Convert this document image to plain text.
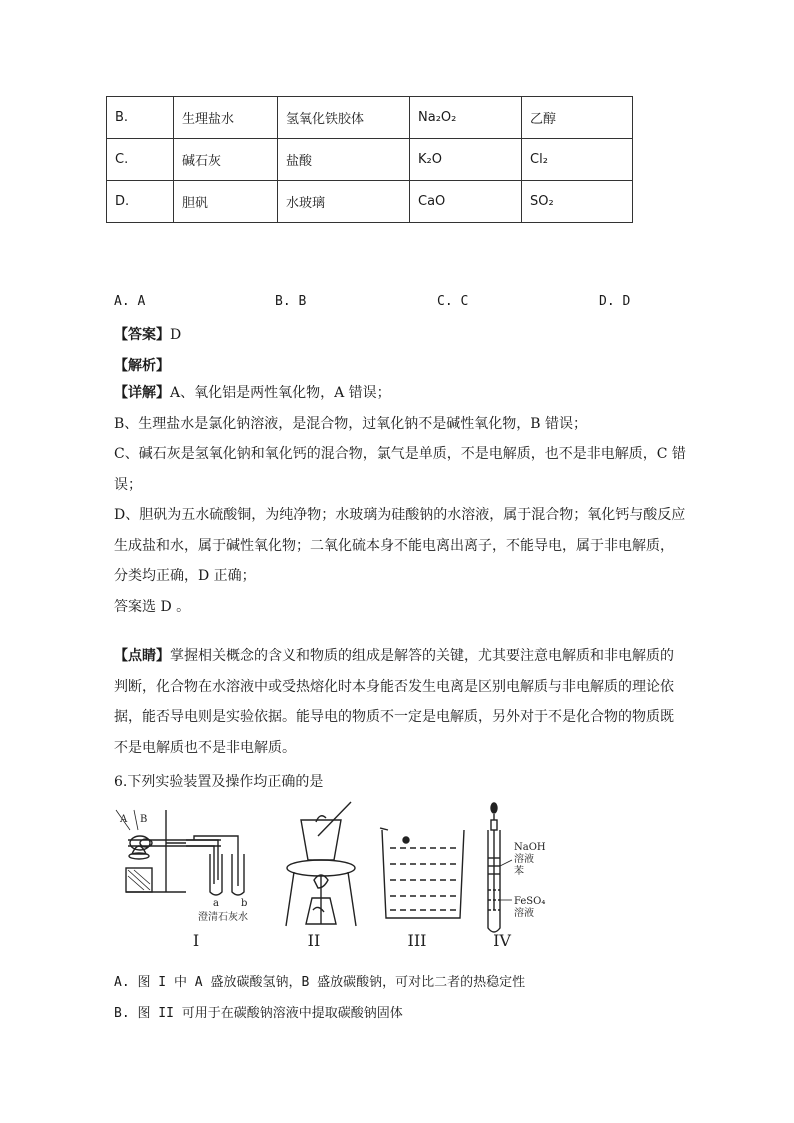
B.	生理盐水	氢氧化铁胶体	Na₂O₂	乙醇
C.	碱石灰	盐酸	K₂O	Cl₂
D.	胆矾	水玻璃	CaO	SO₂
A. A	B. B	C. C	D. D
【答案】D
【解析】

【详解】A、氧化铝是两性氧化物，A 错误；

B、生理盐水是氯化钠溶液，是混合物，过氧化钠不是碱性氧化物，B 错误；

C、碱石灰是氢氧化钠和氧化钙的混合物，氯气是单质，不是电解质，也不是非电解质，C 错

误；

D、胆矾为五水硫酸铜，为纯净物；水玻璃为硅酸钠的水溶液，属于混合物；氧化钙与酸反应

生成盐和水，属于碱性氧化物；二氧化硫本身不能电离出离子，不能导电，属于非电解质，

分类均正确，D 正确；

答案选 D 。

【点睛】掌握相关概念的含义和物质的组成是解答的关键，尤其要注意电解质和非电解质的

判断，化合物在水溶液中或受热熔化时本身能否发生电离是区别电解质与非电解质的理论依

据，能否导电则是实验依据。能导电的物质不一定是电解质，另外对于不是化合物的物质既

不是电解质也不是非电解质。

6.下列实验装置及操作均正确的是
A B
a b
澄清石灰水
NaOH
溶液
苯
FeSO₄
溶液
I	II	III	IV
A. 图 I 中 A 盛放碳酸氢钠，B 盛放碳酸钠，可对比二者的热稳定性
B. 图 II 可用于在碳酸钠溶液中提取碳酸钠固体
